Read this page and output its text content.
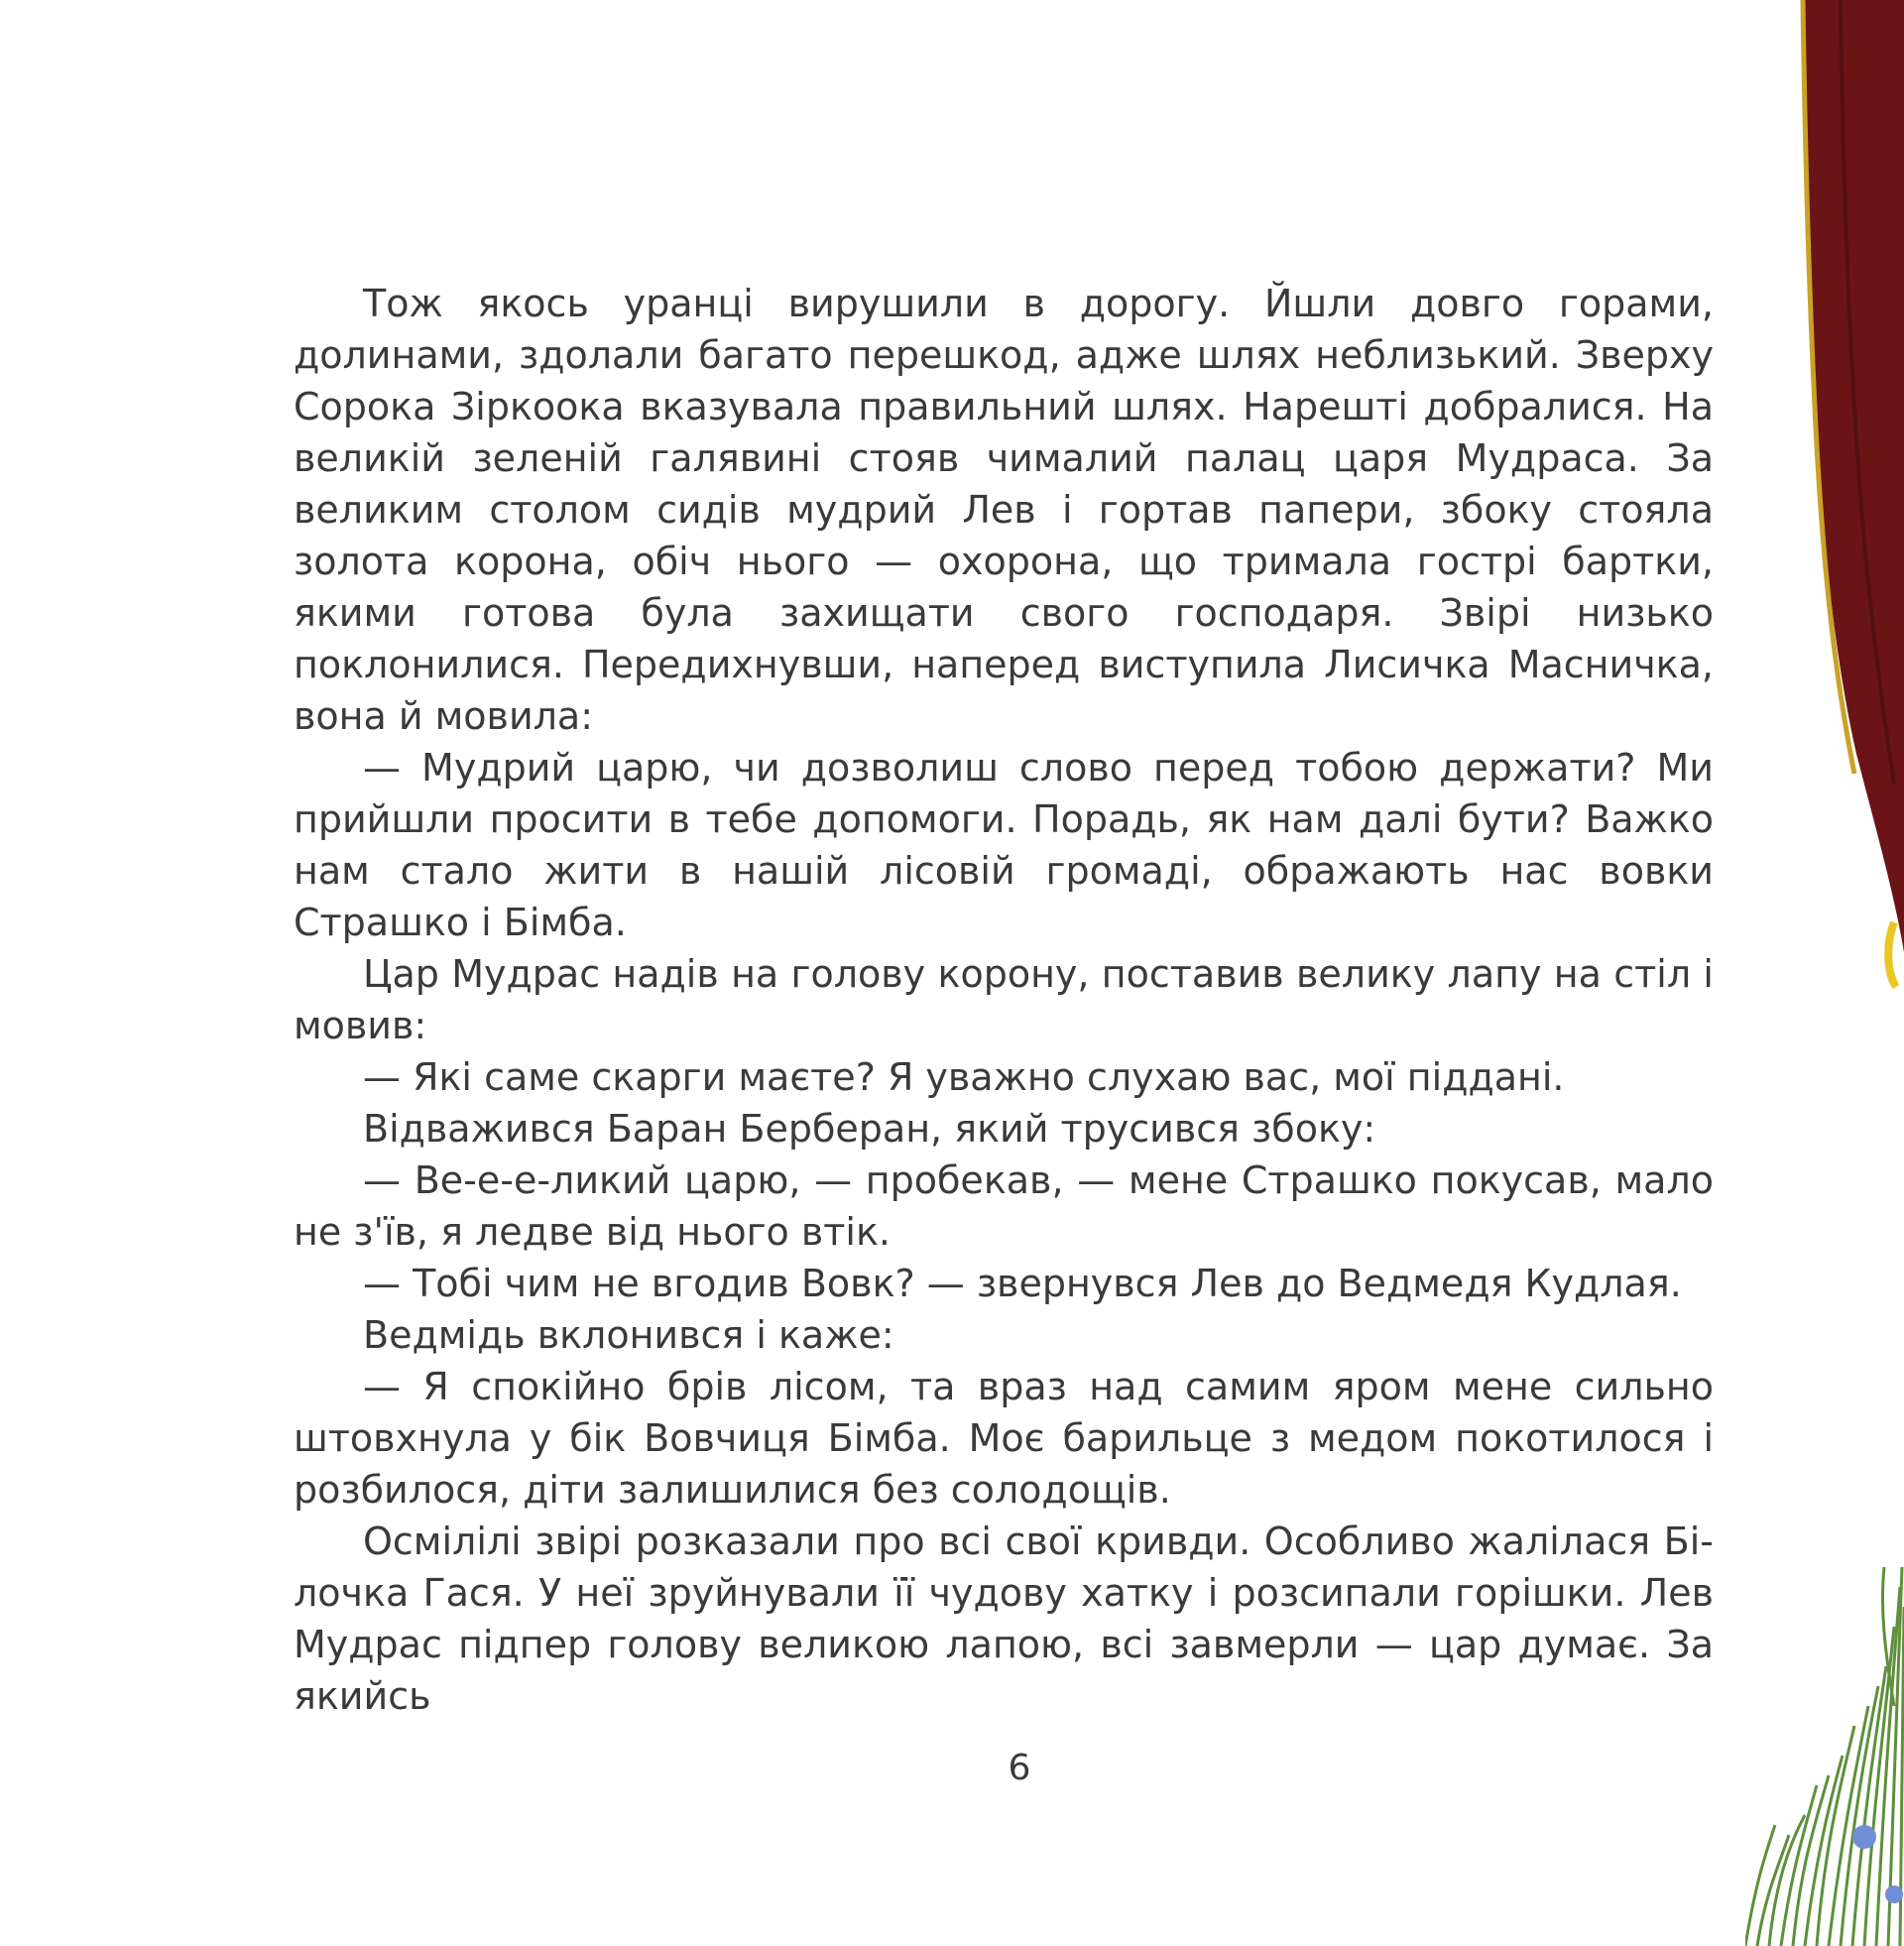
Тож якось уранці вирушили в дорогу. Йшли довго горами, долинами, здолали багато перешкод, адже шлях неблизький. Зверху Сорока Зіркоока вказувала правильний шлях. Нарешті добралися. На великій зеленій галявині стояв чималий палац царя Мудраса. За великим столом сидів мудрий Лев і гортав папери, збоку стояла золота корона, обіч нього — охорона, що тримала гострі бартки, якими готова була захищати свого господаря. Звірі низько поклонилися. Передихнувши, наперед виступила Лисичка Масничка, вона й мовила:

— Мудрий царю, чи дозволиш слово перед тобою держати? Ми прийшли просити в тебе допомоги. Порадь, як нам далі бути? Важко нам стало жити в нашій лісовій громаді, ображають нас вовки Страшко і Бімба.

Цар Мудрас надів на голову корону, поставив велику лапу на стіл і мовив:

— Які саме скарги маєте? Я уважно слухаю вас, мої піддані.

Відважився Баран Берберан, який трусився збоку:

— Ве-е-е-ликий царю, — пробекав, — мене Страшко покусав, мало не з'їв, я ледве від нього втік.

— Тобі чим не вгодив Вовк? — звернувся Лев до Ведмедя Кудлая.

Ведмідь вклонився і каже:

— Я спокійно брів лісом, та враз над самим яром мене сильно штовхнула у бік Вовчиця Бімба. Моє барильце з медом покотилося і розбилося, діти залишилися без солодощів.

Осмілілі звірі розказали про всі свої кривди. Особливо жалілася Білочка Гася. У неї зруйнували її чудову хатку і розсипали горішки. Лев Мудрас підпер голову великою лапою, всі завмерли — цар думає. За якийсь

6
